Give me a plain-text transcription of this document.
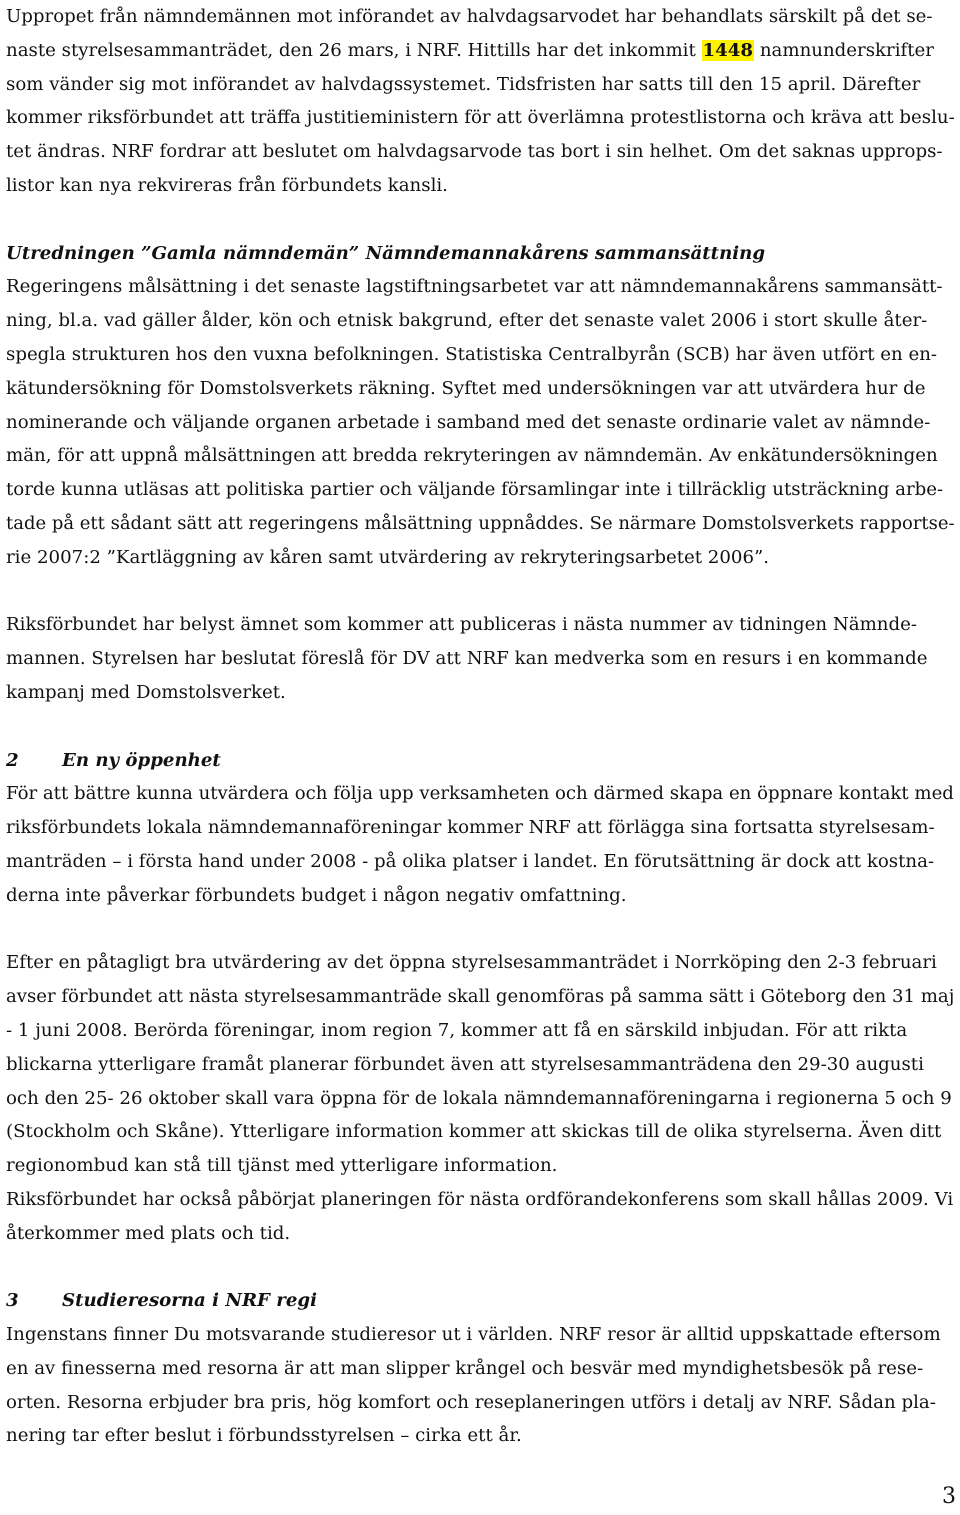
Uppropet från nämndemännen mot införandet av halvdagsarvodet har behandlats särskilt på det se-
naste styrelsesammanträdet, den 26 mars, i NRF. Hittills har det inkommit 1448 namnunderskrifter
som vänder sig mot införandet av halvdagssystemet. Tidsfristen har satts till den 15 april. Därefter
kommer riksförbundet att träffa justitieministern för att överlämna protestlistorna och kräva att beslu-
tet ändras. NRF fordrar att beslutet om halvdagsarvode tas bort i sin helhet. Om det saknas upprops-
listor kan nya rekvireras från förbundets kansli.
Utredningen ”Gamla nämndemän” Nämndemannakårens sammansättning
Regeringens målsättning i det senaste lagstiftningsarbetet var att nämndemannakårens sammansätt-
ning, bl.a. vad gäller ålder, kön och etnisk bakgrund, efter det senaste valet 2006 i stort skulle åter-
spegla strukturen hos den vuxna befolkningen. Statistiska Centralbyrån (SCB) har även utfört en en-
kätundersökning för Domstolsverkets räkning. Syftet med undersökningen var att utvärdera hur de
nominerande och väljande organen arbetade i samband med det senaste ordinarie valet av nämnde-
män, för att uppnå målsättningen att bredda rekryteringen av nämndemän. Av enkätundersökningen
torde kunna utläsas att politiska partier och väljande församlingar inte i tillräcklig utsträckning arbe-
tade på ett sådant sätt att regeringens målsättning uppnåddes. Se närmare Domstolsverkets rapportse-
rie 2007:2 ”Kartläggning av kåren samt utvärdering av rekryteringsarbetet 2006”.
Riksförbundet har belyst ämnet som kommer att publiceras i nästa nummer av tidningen Nämnde-
mannen. Styrelsen har beslutat föreslå för DV att NRF kan medverka som en resurs i en kommande
kampanj med Domstolsverket.
2 En ny öppenhet
För att bättre kunna utvärdera och följa upp verksamheten och därmed skapa en öppnare kontakt med
riksförbundets lokala nämndemannaföreningar kommer NRF att förlägga sina fortsatta styrelsesam-
manträden – i första hand under 2008 - på olika platser i landet. En förutsättning är dock att kostna-
derna inte påverkar förbundets budget i någon negativ omfattning.
Efter en påtagligt bra utvärdering av det öppna styrelsesammanträdet i Norrköping den 2-3 februari
avser förbundet att nästa styrelsesammanträde skall genomföras på samma sätt i Göteborg den 31 maj
- 1 juni 2008. Berörda föreningar, inom region 7, kommer att få en särskild inbjudan. För att rikta
blickarna ytterligare framåt planerar förbundet även att styrelsesammanträdena den 29-30 augusti
och den 25- 26 oktober skall vara öppna för de lokala nämndemannaföreningarna i regionerna 5 och 9
(Stockholm och Skåne). Ytterligare information kommer att skickas till de olika styrelserna. Även ditt
regionombud kan stå till tjänst med ytterligare information.
Riksförbundet har också påbörjat planeringen för nästa ordförandekonferens som skall hållas 2009. Vi
återkommer med plats och tid.
3 Studieresorna i NRF regi
Ingenstans finner Du motsvarande studieresor ut i världen. NRF resor är alltid uppskattade eftersom
en av finesserna med resorna är att man slipper krångel och besvär med myndighetsbesök på rese-
orten. Resorna erbjuder bra pris, hög komfort och reseplaneringen utförs i detalj av NRF. Sådan pla-
nering tar efter beslut i förbundsstyrelsen – cirka ett år.
3
